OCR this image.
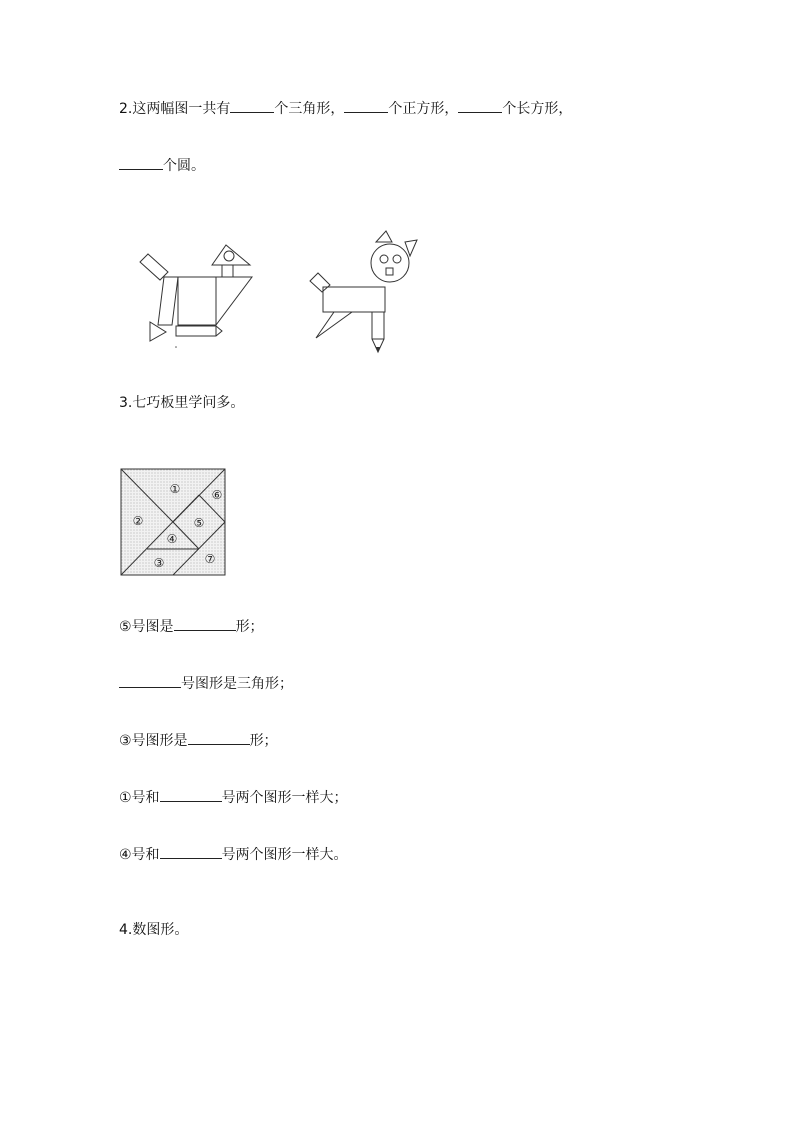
2.这两幅图一共有	个三角形，	个正方形，	个长方形，
个圆。
3.七巧板里学问多。
①
②
③
④
⑤
⑥
⑦
⑤号图是	形；
号图形是三角形；
③号图形是	形；
①号和	号两个图形一样大；
④号和	号两个图形一样大。
4.数图形。
